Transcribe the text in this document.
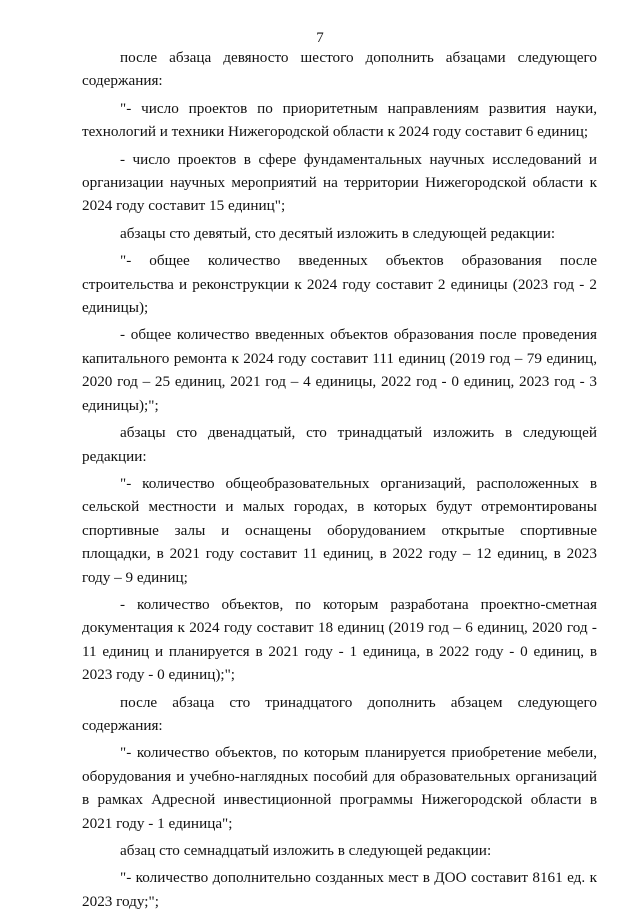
7

после абзаца девяносто шестого дополнить абзацами следующего содержания:

"- число проектов по приоритетным направлениям развития науки, технологий и техники Нижегородской области к 2024 году составит 6 единиц;

- число проектов в сфере фундаментальных научных исследований и организации научных мероприятий на территории Нижегородской области к 2024 году составит 15 единиц";

абзацы сто девятый, сто десятый изложить в следующей редакции:

"- общее количество введенных объектов образования после строительства и реконструкции к 2024 году составит 2 единицы (2023 год - 2 единицы);

- общее количество введенных объектов образования после проведения капитального ремонта к 2024 году составит 111 единиц (2019 год – 79 единиц, 2020 год – 25 единиц, 2021 год – 4 единицы, 2022 год - 0 единиц, 2023 год - 3 единицы);";

абзацы сто двенадцатый, сто тринадцатый изложить в следующей редакции:

"- количество общеобразовательных организаций, расположенных в сельской местности и малых городах, в которых будут отремонтированы спортивные залы и оснащены оборудованием открытые спортивные площадки, в 2021 году составит 11 единиц, в 2022 году – 12 единиц, в 2023 году – 9 единиц;

- количество объектов, по которым разработана проектно-сметная документация к 2024 году составит 18 единиц (2019 год – 6 единиц, 2020 год - 11 единиц и планируется в 2021 году - 1 единица, в 2022 году - 0 единиц, в 2023 году - 0 единиц);";

после абзаца сто тринадцатого дополнить абзацем следующего содержания:

"- количество объектов, по которым планируется приобретение мебели, оборудования и учебно-наглядных пособий для образовательных организаций в рамках Адресной инвестиционной программы Нижегородской области в 2021 году - 1 единица";

абзац сто семнадцатый изложить в следующей редакции:

"- количество дополнительно созданных мест в ДОО составит 8161 ед. к 2023 году;";
